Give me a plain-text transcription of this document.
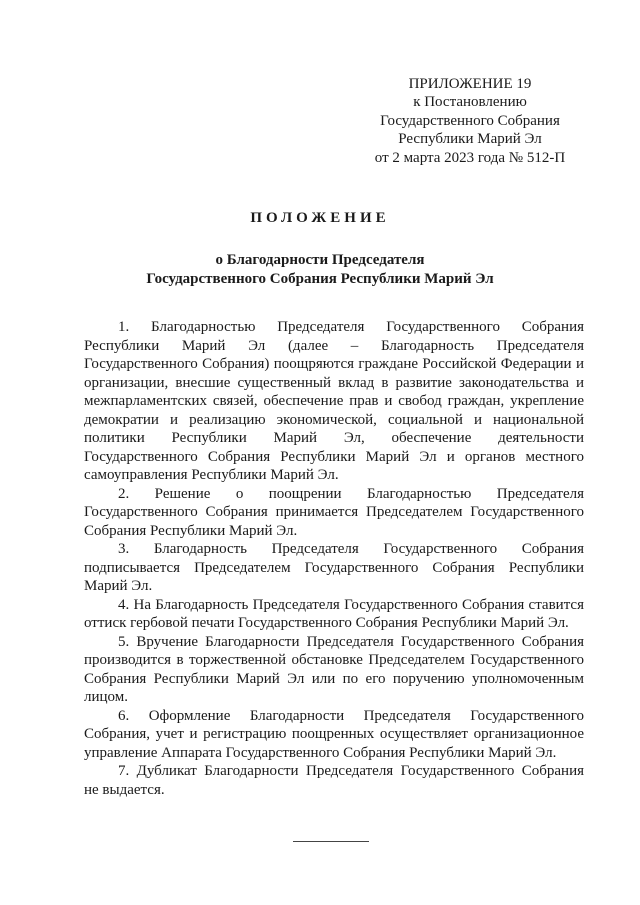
ПРИЛОЖЕНИЕ 19
к Постановлению
Государственного Собрания
Республики Марий Эл
от 2 марта 2023 года № 512-П
ПОЛОЖЕНИЕ
о Благодарности Председателя
Государственного Собрания Республики Марий Эл

1. Благодарностью Председателя Государственного Собрания Республики Марий Эл (далее – Благодарность Председателя Государственного Собрания) поощряются граждане Российской Федерации и организации, внесшие существенный вклад в развитие законодательства и межпарламентских связей, обеспечение прав и свобод граждан, укрепление демократии и реализацию экономической, социальной и национальной политики Республики Марий Эл, обеспечение деятельности Государственного Собрания Республики Марий Эл и органов местного самоуправления Республики Марий Эл.

2. Решение о поощрении Благодарностью Председателя Государственного Собрания принимается Председателем Государственного Собрания Республики Марий Эл.

3. Благодарность Председателя Государственного Собрания подписывается Председателем Государственного Собрания Республики Марий Эл.

4. На Благодарность Председателя Государственного Собрания ставится оттиск гербовой печати Государственного Собрания Республики Марий Эл.

5. Вручение Благодарности Председателя Государственного Собрания производится в торжественной обстановке Председателем Государственного Собрания Республики Марий Эл или по его поручению уполномоченным лицом.

6. Оформление Благодарности Председателя Государственного Собрания, учет и регистрацию поощренных осуществляет организационное управление Аппарата Государственного Собрания Республики Марий Эл.

7. Дубликат Благодарности Председателя Государственного Собрания не выдается.
